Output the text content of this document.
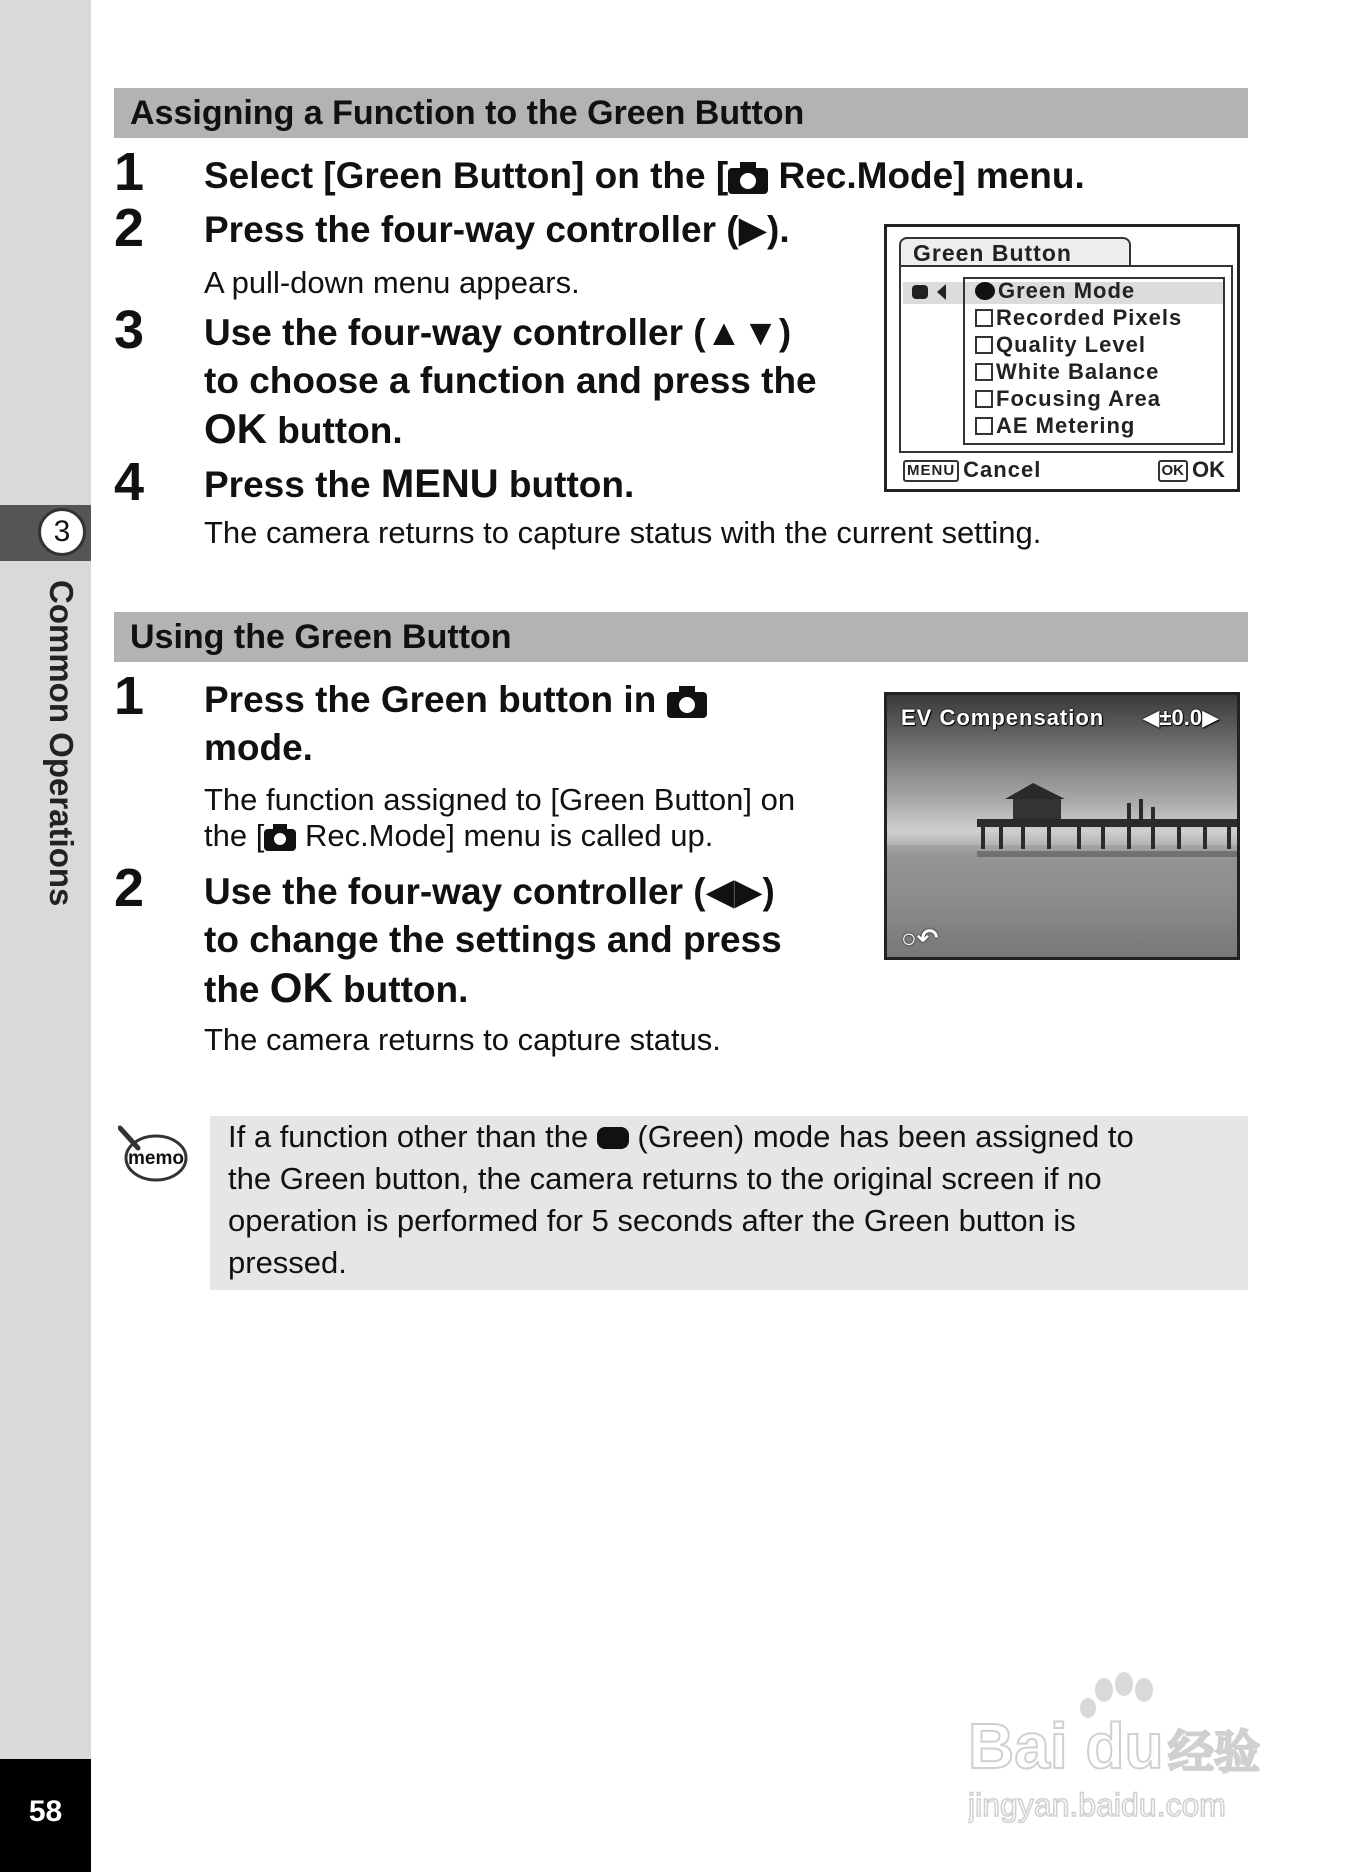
3
Common Operations
58
Assigning a Function to the Green Button
1 Select [Green Button] on the [
Rec.Mode] menu.
2 Press the four-way controller (▶).
A pull-down menu appears.
3 Use the four-way controller (▲▼)
to choose a function and press the
OK button.
4 Press the MENU button.
The camera returns to capture status with the current setting.
Green Button
Green Mode
Recorded Pixels
Quality Level
White Balance
Focusing Area
AE Metering
MENU Cancel	OK OK
Using the Green Button
1 Press the Green button in
mode.
The function assigned to [Green Button] on
the [
Rec.Mode] menu is called up.
2 Use the four-way controller (◀▶)
to change the settings and press
the OK button.
The camera returns to capture status.
EV Compensation ◀±0.0▶
○↶
memo
If a function other than the  (Green) mode has been assigned to
the Green button, the camera returns to the original screen if no
operation is performed for 5 seconds after the Green button is
pressed.
Bai du 经验
jingyan.baidu.com
